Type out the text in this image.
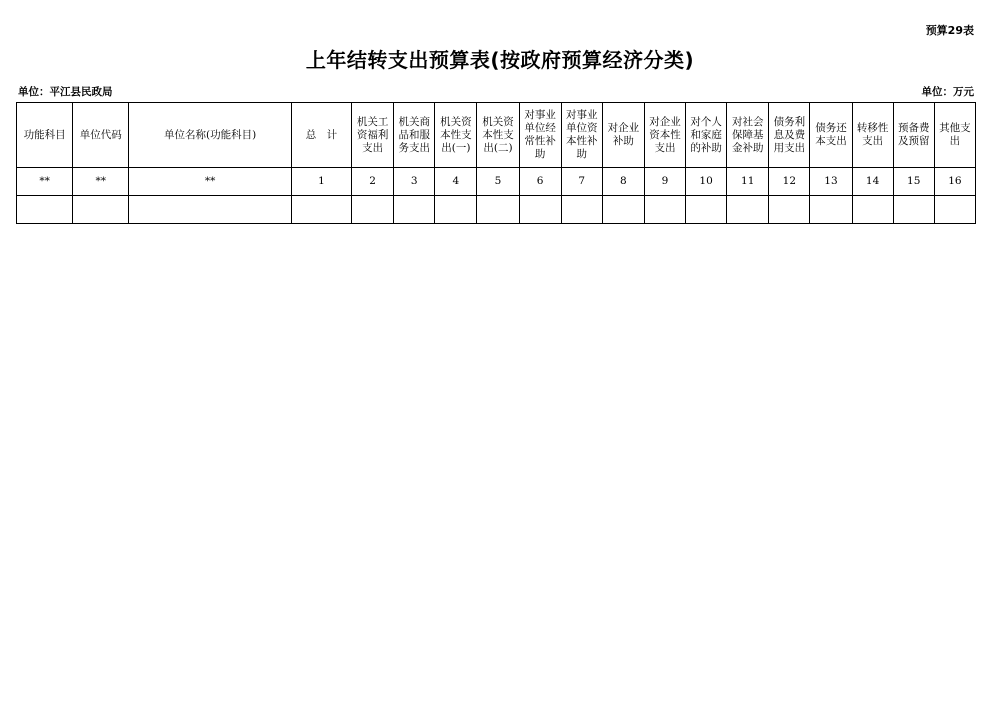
预算29表
上年结转支出预算表(按政府预算经济分类)
单位：平江县民政局	单位：万元
功能科目	单位代码	单位名称(功能科目)	总　计	机关工资福利支出	机关商品和服务支出	机关资本性支出(一)	机关资本性支出(二)	对事业单位经常性补助	对事业单位资本性补助	对企业补助	对企业资本性支出	对个人和家庭的补助	对社会保障基金补助	债务利息及费用支出	债务还本支出	转移性支出	预备费及预留	其他支出
**	**	**	1	2	3	4	5	6	7	8	9	10	11	12	13	14	15	16
